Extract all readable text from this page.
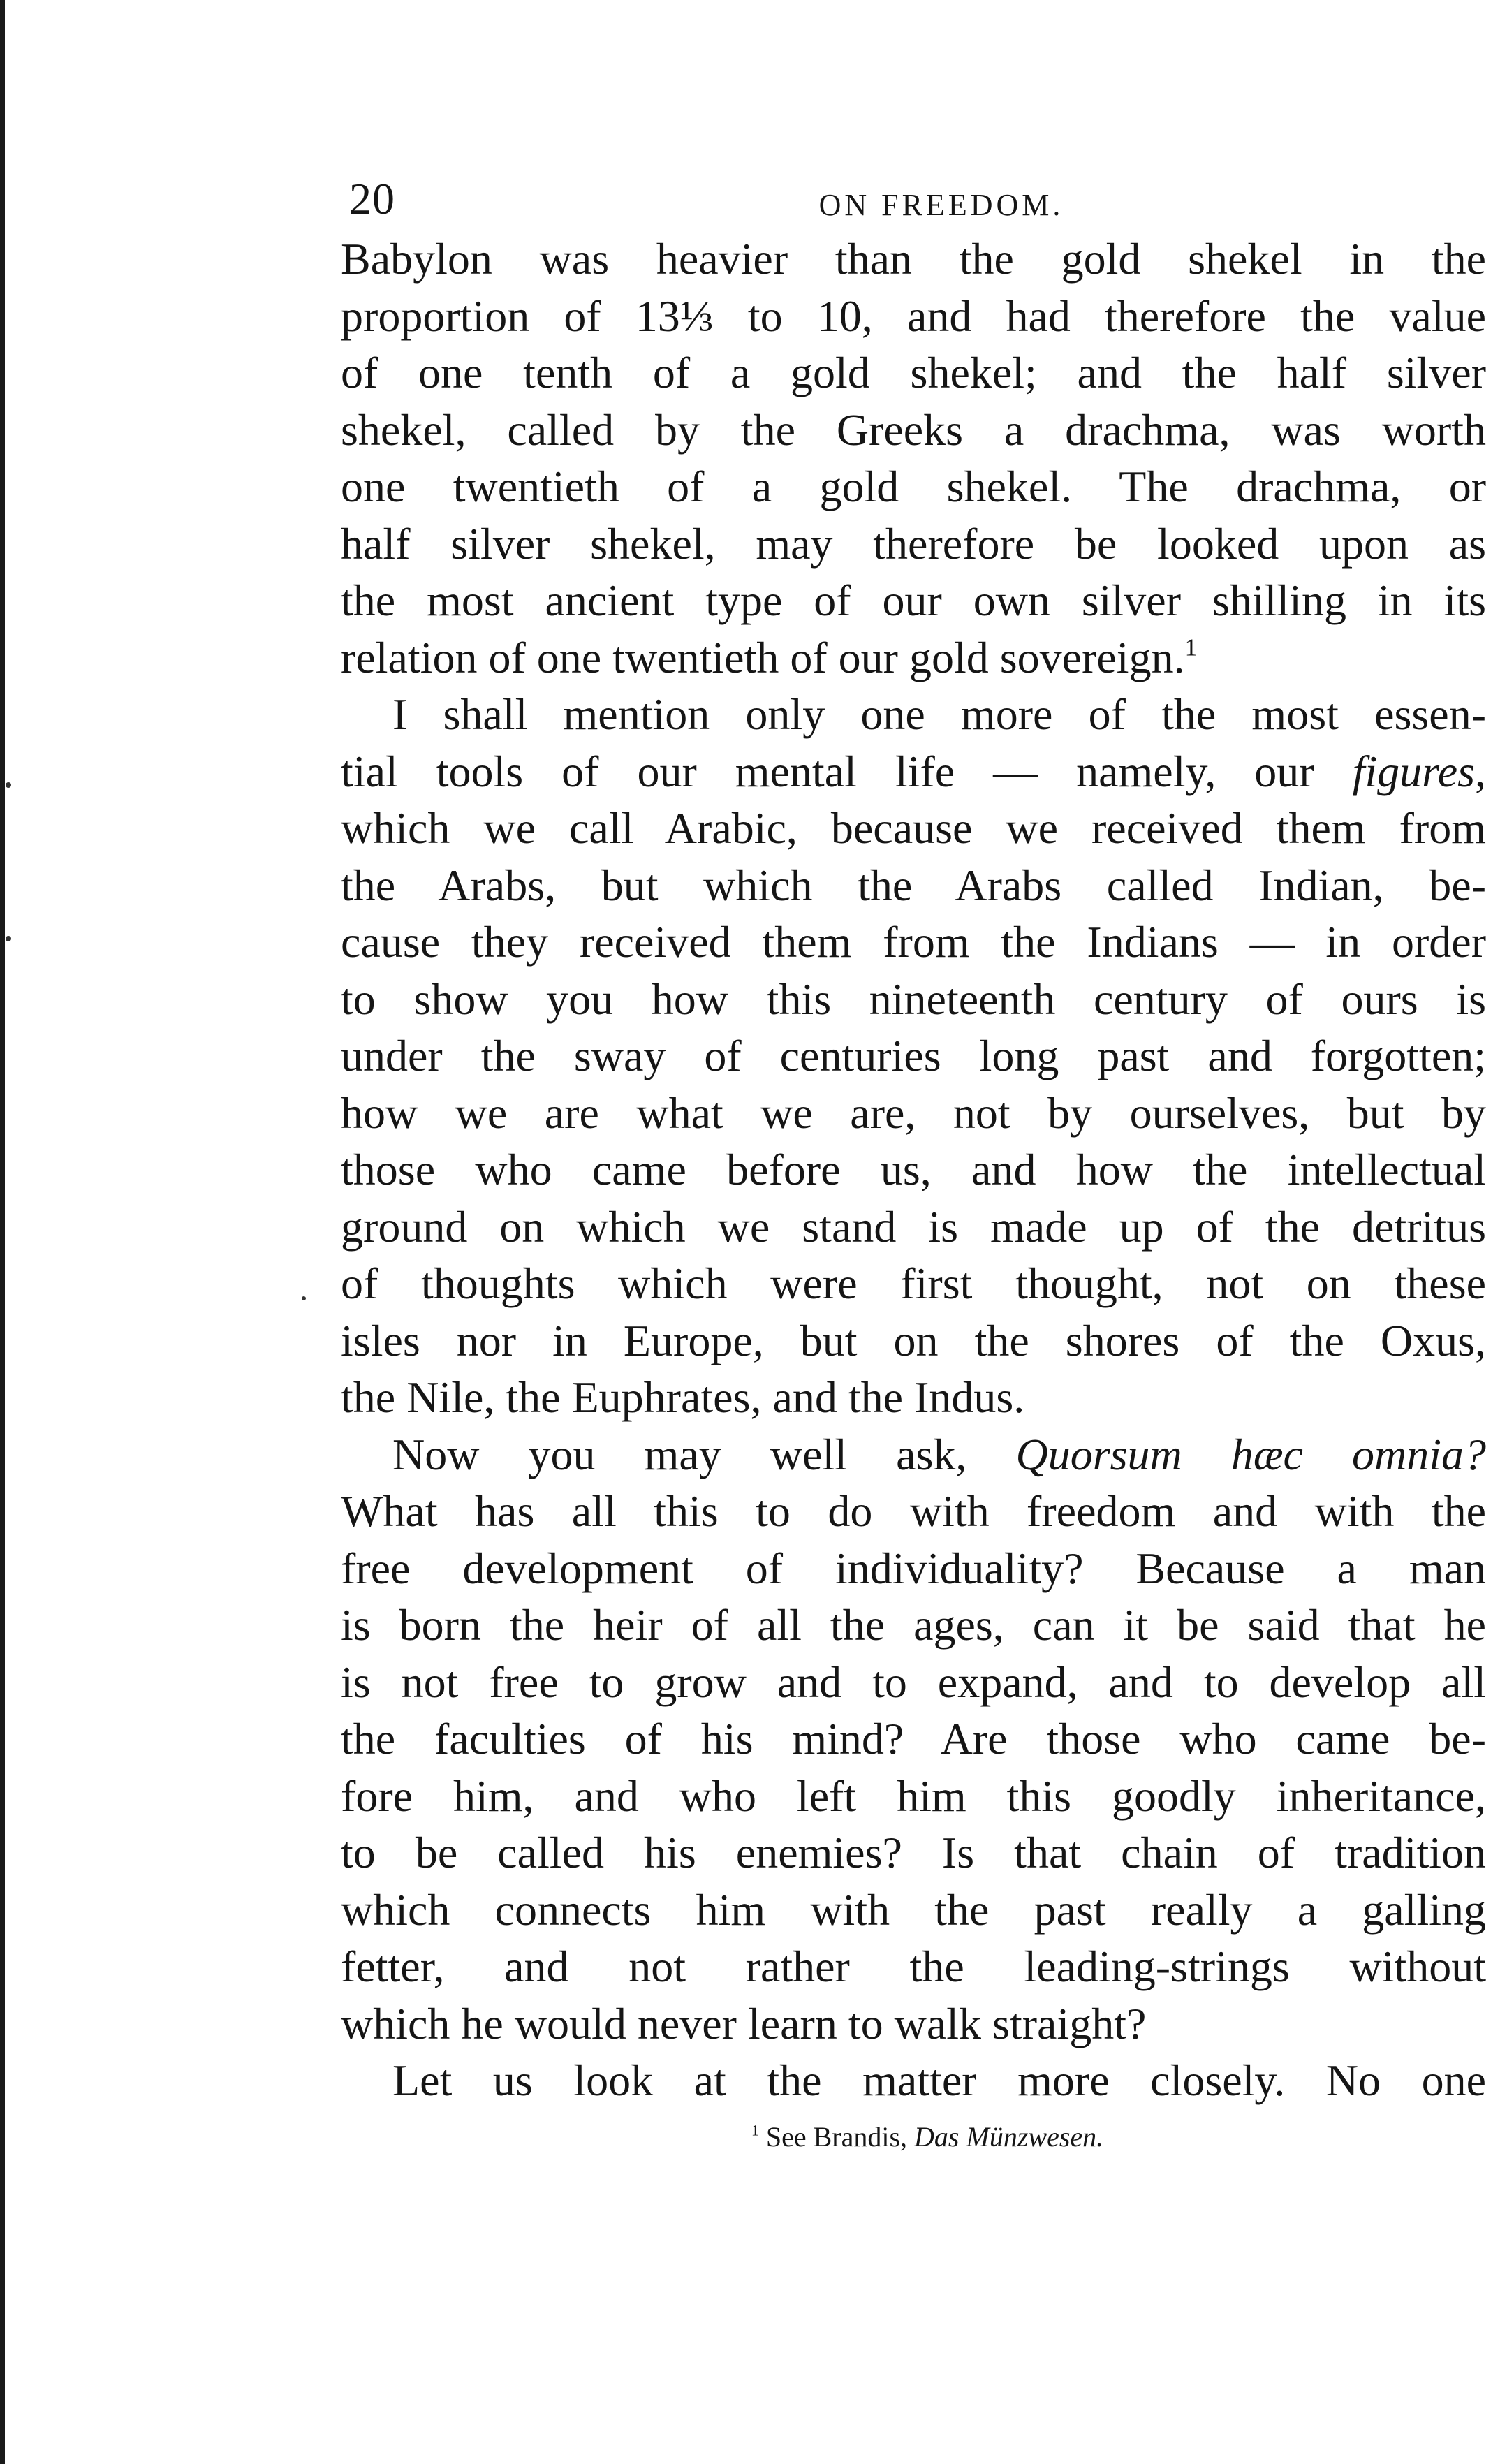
20	ON FREEDOM.
Babylon was heavier than the gold shekel in the
proportion of 13⅓ to 10, and had therefore the value
of one tenth of a gold shekel; and the half silver
shekel, called by the Greeks a drachma, was worth
one twentieth of a gold shekel. The drachma, or
half silver shekel, may therefore be looked upon as
the most ancient type of our own silver shilling in its
relation of one twentieth of our gold sovereign.$^1$
I shall mention only one more of the most essen-
tial tools of our mental life — namely, our figures,
which we call Arabic, because we received them from
the Arabs, but which the Arabs called Indian, be-
cause they received them from the Indians — in order
to show you how this nineteenth century of ours is
under the sway of centuries long past and forgotten;
how we are what we are, not by ourselves, but by
those who came before us, and how the intellectual
ground on which we stand is made up of the detritus
of thoughts which were first thought, not on these
isles nor in Europe, but on the shores of the Oxus,
the Nile, the Euphrates, and the Indus.
Now you may well ask, Quorsum hæc omnia?
What has all this to do with freedom and with the
free development of individuality? Because a man
is born the heir of all the ages, can it be said that he
is not free to grow and to expand, and to develop all
the faculties of his mind? Are those who came be-
fore him, and who left him this goodly inheritance,
to be called his enemies? Is that chain of tradition
which connects him with the past really a galling
fetter, and not rather the leading-strings without
which he would never learn to walk straight?
Let us look at the matter more closely. No one
$^1$ See Brandis, Das Münzwesen.
